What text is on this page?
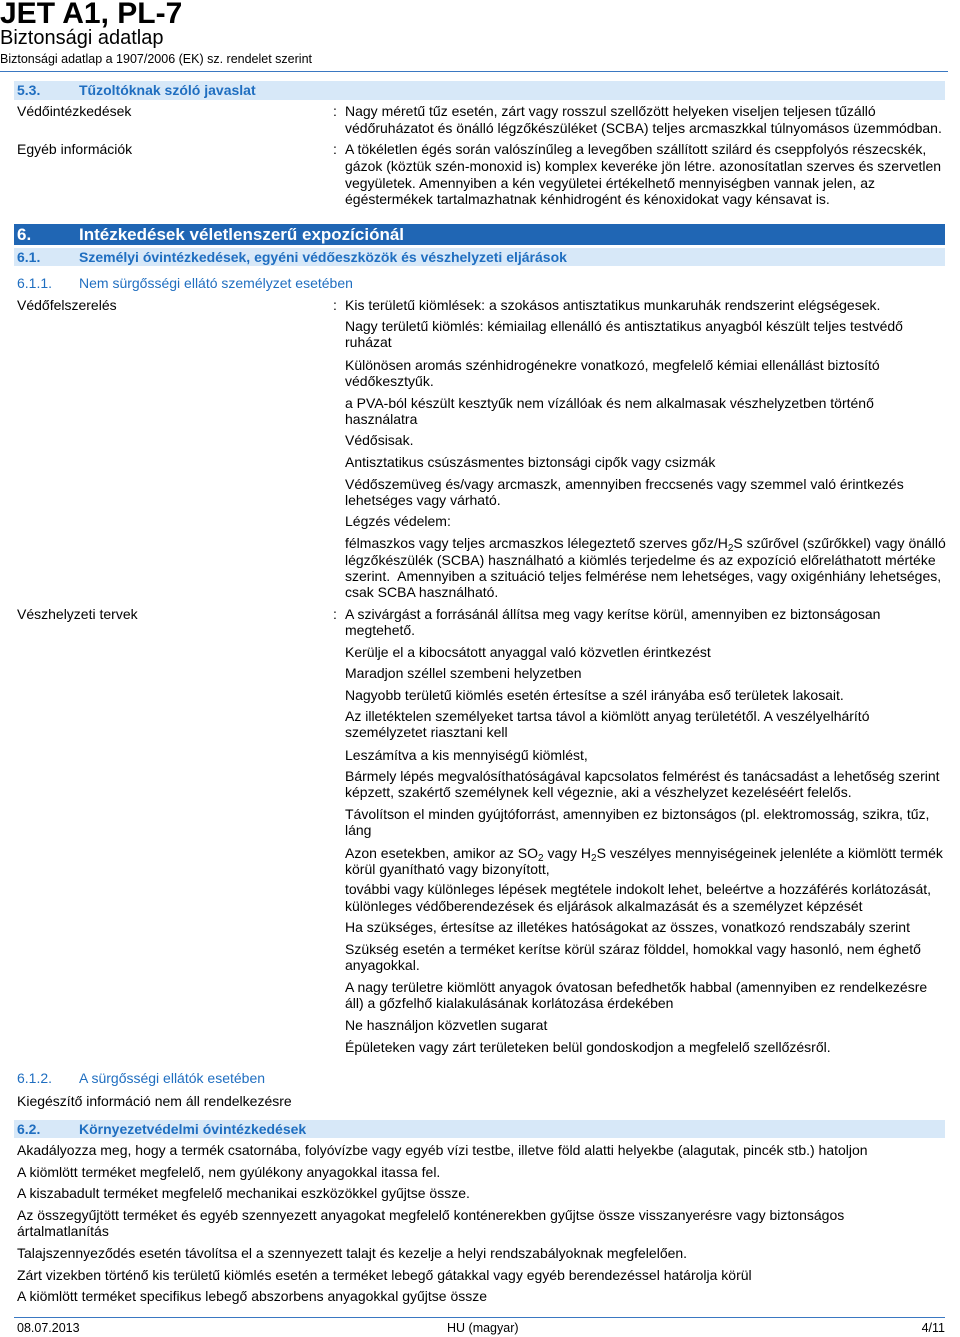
JET A1, PL-7
Biztonsági adatlap
Biztonsági adatlap a 1907/2006 (EK) sz. rendelet szerint
5.3.	Tűzoltóknak szóló javaslat
Védőintézkedések	: Nagy méretű tűz esetén, zárt vagy rosszul szellőzött helyeken viseljen teljesen tűzálló
védőruházatot és önálló légzőkészüléket (SCBA) teljes arcmaszkkal túlnyomásos üzemmódban.
Egyéb információk	: A tökéletlen égés során valószínűleg a levegőben szállított szilárd és cseppfolyós részecskék,
gázok (köztük szén-monoxid is) komplex keveréke jön létre. azonosítatlan szerves és szervetlen
vegyületek. Amennyiben a kén vegyületei értékelhető mennyiségben vannak jelen, az
égéstermékek tartalmazhatnak kénhidrogént és kénoxidokat vagy kénsavat is.
6.	Intézkedések véletlenszerű expozíciónál
6.1.	Személyi óvintézkedések, egyéni védőeszközök és vészhelyzeti eljárások
6.1.1. Nem sürgősségi ellátó személyzet esetében
Védőfelszerelés	: Kis területű kiömlések: a szokásos antisztatikus munkaruhák rendszerint elégségesek.
Nagy területű kiömlés: kémiailag ellenálló és antisztatikus anyagból készült teljes testvédő
ruházat
Különösen aromás szénhidrogénekre vonatkozó, megfelelő kémiai ellenállást biztosító
védőkesztyűk.
a PVA-ból készült kesztyűk nem vízállóak és nem alkalmasak vészhelyzetben történő
használatra
Védősisak.
Antisztatikus csúszásmentes biztonsági cipők vagy csizmák
Védőszemüveg és/vagy arcmaszk, amennyiben freccsenés vagy szemmel való érintkezés
lehetséges vagy várható.
Légzés védelem:
félmaszkos vagy teljes arcmaszkos lélegeztető szerves gőz/$H_2S$ szűrővel (szűrőkkel) vagy önálló
légzőkészülék (SCBA) használható a kiömlés terjedelme és az expozíció előreláthatott mértéke
szerint.  Amennyiben a szituáció teljes felmérése nem lehetséges, vagy oxigénhiány lehetséges,
csak SCBA használható.
Vészhelyzeti tervek	: A szivárgást a forrásánál állítsa meg vagy kerítse körül, amennyiben ez biztonságosan
megtehető.
Kerülje el a kibocsátott anyaggal való közvetlen érintkezést
Maradjon széllel szembeni helyzetben
Nagyobb területű kiömlés esetén értesítse a szél irányába eső területek lakosait.
Az illetéktelen személyeket tartsa távol a kiömlött anyag területétől. A veszélyelhárító
személyzetet riasztani kell
Leszámítva a kis mennyiségű kiömlést,
Bármely lépés megvalósíthatóságával kapcsolatos felmérést és tanácsadást a lehetőség szerint
képzett, szakértő személynek kell végeznie, aki a vészhelyzet kezeléséért felelős.
Távolítson el minden gyújtóforrást, amennyiben ez biztonságos (pl. elektromosság, szikra, tűz,
láng
Azon esetekben, amikor az $SO_2$ vagy $H_2S$ veszélyes mennyiségeinek jelenléte a kiömlött termék
körül gyanítható vagy bizonyított,
további vagy különleges lépések megtétele indokolt lehet, beleértve a hozzáférés korlátozását,
különleges védőberendezések és eljárások alkalmazását és a személyzet képzését
Ha szükséges, értesítse az illetékes hatóságokat az összes, vonatkozó rendszabály szerint
Szükség esetén a terméket kerítse körül száraz földdel, homokkal vagy hasonló, nem éghető
anyagokkal.
A nagy területre kiömlött anyagok óvatosan befedhetők habbal (amennyiben ez rendelkezésre
áll) a gőzfelhő kialakulásának korlátozása érdekében
Ne használjon közvetlen sugarat
Épületeken vagy zárt területeken belül gondoskodjon a megfelelő szellőzésről.
6.1.2. A sürgősségi ellátók esetében
Kiegészítő információ nem áll rendelkezésre
6.2.	Környezetvédelmi óvintézkedések
Akadályozza meg, hogy a termék csatornába, folyóvízbe vagy egyéb vízi testbe, illetve föld alatti helyekbe (alagutak, pincék stb.) hatoljon
A kiömlött terméket megfelelő, nem gyúlékony anyagokkal itassa fel.
A kiszabadult terméket megfelelő mechanikai eszközökkel gyűjtse össze.
Az összegyűjtött terméket és egyéb szennyezett anyagokat megfelelő konténerekben gyűjtse össze visszanyerésre vagy biztonságos
ártalmatlanítás
Talajszennyeződés esetén távolítsa el a szennyezett talajt és kezelje a helyi rendszabályoknak megfelelően.
Zárt vizekben történő kis területű kiömlés esetén a terméket lebegő gátakkal vagy egyéb berendezéssel határolja körül
A kiömlött terméket specifikus lebegő abszorbens anyagokkal gyűjtse össze
08.07.2013	HU (magyar)	4/11
